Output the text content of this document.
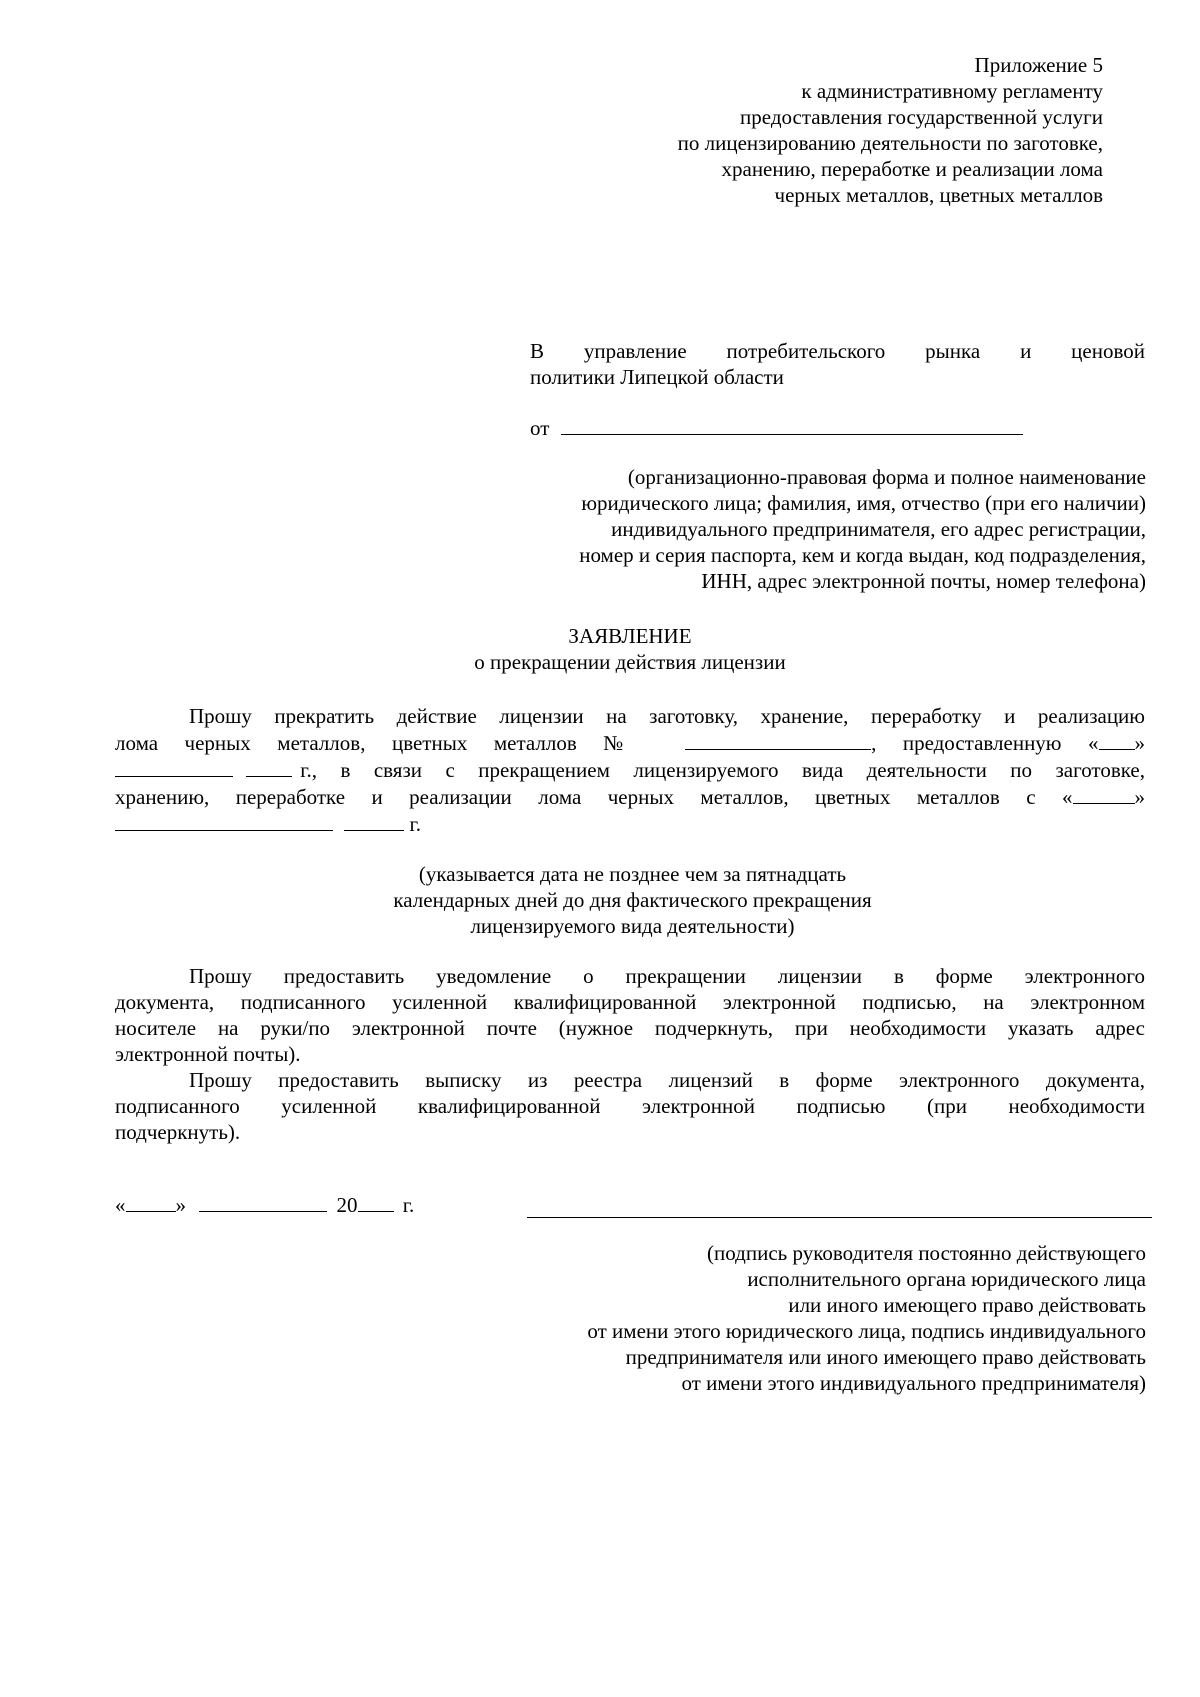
Приложение 5
к административному регламенту
предоставления государственной услуги
по лицензированию деятельности по заготовке,
хранению, переработке и реализации лома
черных металлов, цветных металлов
В управление потребительского рынка и ценовой
политики Липецкой области
от
(организационно-правовая форма и полное наименование
юридического лица; фамилия, имя, отчество (при его наличии)
индивидуального предпринимателя, его адрес регистрации,
номер и серия паспорта, кем и когда выдан, код подразделения,
ИНН, адрес электронной почты, номер телефона)
ЗАЯВЛЕНИЕ
о прекращении действия лицензии
Прошу прекратить действие лицензии на заготовку, хранение, переработку и реализацию
лома черных металлов, цветных металлов №	, предоставленную « »

г., в связи с прекращением лицензируемого вида деятельности по заготовке,
хранению, переработке и реализации лома черных металлов, цветных металлов с «	»
г.
(указывается дата не позднее чем за пятнадцать
календарных дней до дня фактического прекращения
лицензируемого вида деятельности)
Прошу предоставить уведомление о прекращении лицензии в форме электронного
документа, подписанного усиленной квалифицированной электронной подписью, на электронном
носителе на руки/по электронной почте (нужное подчеркнуть, при необходимости указать адрес
электронной почты).
Прошу предоставить выписку из реестра лицензий в форме электронного документа,
подписанного усиленной квалифицированной электронной подписью (при необходимости
подчеркнуть).
« »	20 г.
(подпись руководителя постоянно действующего
исполнительного органа юридического лица
или иного имеющего право действовать
от имени этого юридического лица, подпись индивидуального
предпринимателя или иного имеющего право действовать
от имени этого индивидуального предпринимателя)
